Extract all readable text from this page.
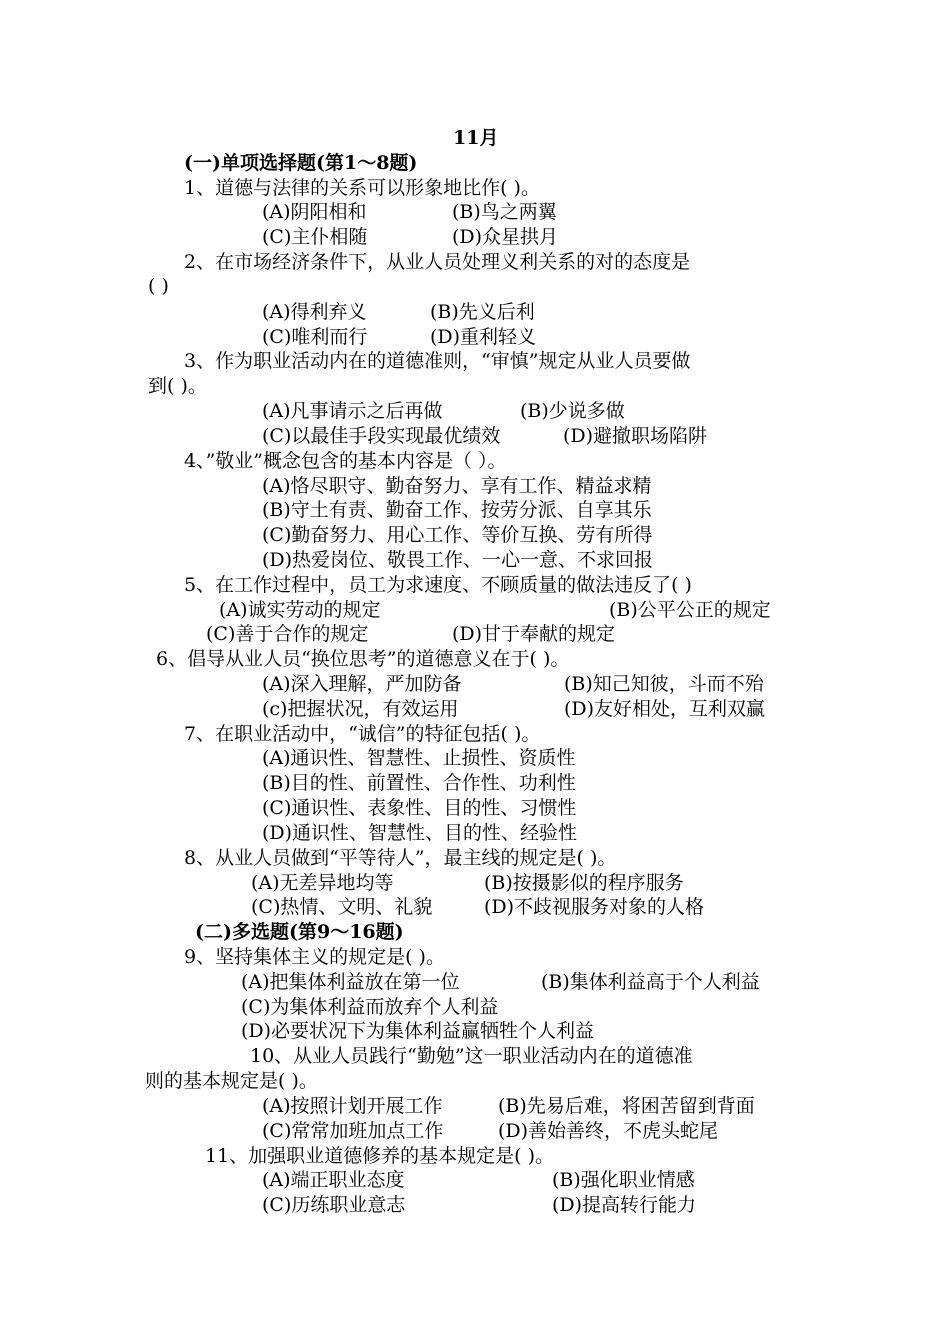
11月
(一)单项选择题(第1～8题)
1、道德与法律的关系可以形象地比作( )。
(A)阴阳相和	(B)鸟之两翼
(C)主仆相随	(D)众星拱月
2、在市场经济条件下，从业人员处理义利关系的对的态度是
( )
(A)得利弃义	(B)先义后利
(C)唯利而行	(D)重利轻义
3、作为职业活动内在的道德准则，“审慎”规定从业人员要做
到( )。
(A)凡事请示之后再做	(B)少说多做
(C)以最佳手段实现最优绩效	(D)避撤职场陷阱
4、”敬业”概念包含的基本内容是（ ）。
(A)恪尽职守、勤奋努力、享有工作、精益求精
(B)守土有责、勤奋工作、按劳分派、自享其乐
(C)勤奋努力、用心工作、等价互换、劳有所得
(D)热爱岗位、敬畏工作、一心一意、不求回报
5、在工作过程中，员工为求速度、不顾质量的做法违反了( )
(A)诚实劳动的规定	(B)公平公正的规定
(C)善于合作的规定	(D)甘于奉献的规定
6、倡导从业人员“换位思考”的道德意义在于( )。
(A)深入理解，严加防备	(B)知己知彼，斗而不殆
(c)把握状况，有效运用	(D)友好相处，互利双赢
7、在职业活动中，“诚信”的特征包括( )。
(A)通识性、智慧性、止损性、资质性
(B)目的性、前置性、合作性、功利性
(C)通识性、表象性、目的性、习惯性
(D)通识性、智慧性、目的性、经验性
8、从业人员做到“平等待人”，最主线的规定是( )。
(A)无差异地均等	(B)按摄影似的程序服务
(C)热情、文明、礼貌	(D)不歧视服务对象的人格
(二)多选题(第9～16题)
9、坚持集体主义的规定是( )。
(A)把集体利益放在第一位	(B)集体利益高于个人利益
(C)为集体利益而放弃个人利益
(D)必要状况下为集体利益赢牺牲个人利益
10、从业人员践行“勤勉”这一职业活动内在的道德准
则的基本规定是( )。
(A)按照计划开展工作	(B)先易后难，将困苦留到背面
(C)常常加班加点工作	(D)善始善终，不虎头蛇尾
11、加强职业道德修养的基本规定是( )。
(A)端正职业态度	(B)强化职业情感
(C)历练职业意志	(D)提高转行能力
